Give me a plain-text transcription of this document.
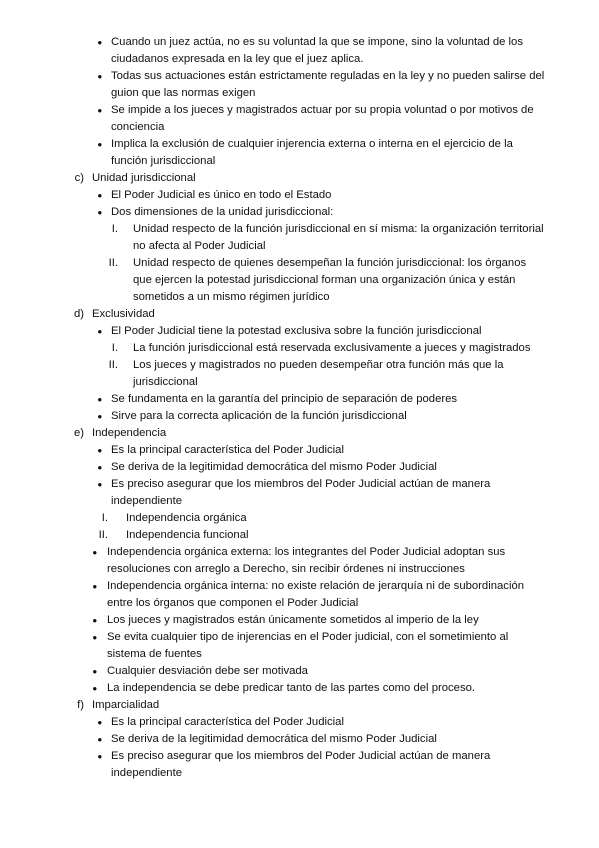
• Cuando un juez actúa, no es su voluntad la que se impone, sino la voluntad de los
ciudadanos expresada en la ley que el juez aplica.
• Todas sus actuaciones están estrictamente reguladas en la ley y no pueden salirse del
guion que las normas exigen
• Se impide a los jueces y magistrados actuar por su propia voluntad o por motivos de
conciencia
• Implica la exclusión de cualquier injerencia externa o interna en el ejercicio de la
función jurisdiccional
c) Unidad jurisdiccional
• El Poder Judicial es único en todo el Estado
• Dos dimensiones de la unidad jurisdiccional:
I. Unidad respecto de la función jurisdiccional en sí misma: la organización territorial
no afecta al Poder Judicial
II. Unidad respecto de quienes desempeñan la función jurisdiccional: los órganos
que ejercen la potestad jurisdiccional forman una organización única y están
sometidos a un mismo régimen jurídico
d) Exclusividad
• El Poder Judicial tiene la potestad exclusiva sobre la función jurisdiccional
I. La función jurisdiccional está reservada exclusivamente a jueces y magistrados
II. Los jueces y magistrados no pueden desempeñar otra función más que la
jurisdiccional
• Se fundamenta en la garantía del principio de separación de poderes
• Sirve para la correcta aplicación de la función jurisdiccional
e) Independencia
• Es la principal característica del Poder Judicial
• Se deriva de la legitimidad democrática del mismo Poder Judicial
• Es preciso asegurar que los miembros del Poder Judicial actúan de manera
independiente
I. Independencia orgánica
II. Independencia funcional
• Independencia orgánica externa: los integrantes del Poder Judicial adoptan sus
resoluciones con arreglo a Derecho, sin recibir órdenes ni instrucciones
• Independencia orgánica interna: no existe relación de jerarquía ni de subordinación
entre los órganos que componen el Poder Judicial
• Los jueces y magistrados están únicamente sometidos al imperio de la ley
• Se evita cualquier tipo de injerencias en el Poder judicial, con el sometimiento al
sistema de fuentes
• Cualquier desviación debe ser motivada
• La independencia se debe predicar tanto de las partes como del proceso.
f) Imparcialidad
• Es la principal característica del Poder Judicial
• Se deriva de la legitimidad democrática del mismo Poder Judicial
• Es preciso asegurar que los miembros del Poder Judicial actúan de manera
independiente
